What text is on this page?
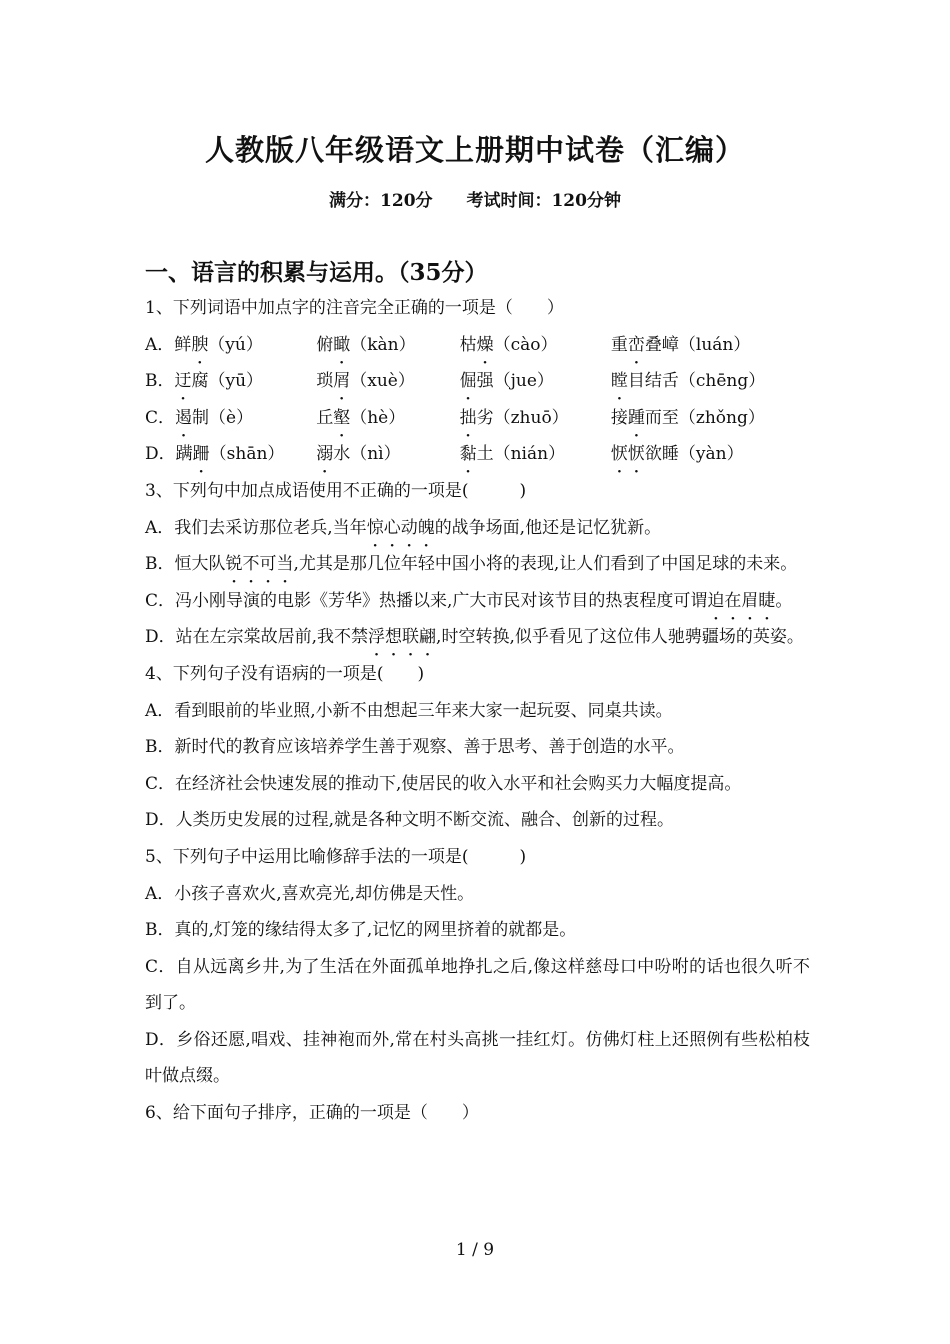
人教版八年级语文上册期中试卷（汇编）
满分：120分 考试时间：120分钟
一、语言的积累与运用。（35分）
1、下列词语中加点字的注音完全正确的一项是（　　）
A．鲜腴（yú）	俯瞰（kàn）	枯燥（cào）	重峦叠嶂（luán）
B．迂腐（yū）	琐屑（xuè）	倔强（jue）	瞠目结舌（chēng）
C．遏制（è）	丘壑（hè）	拙劣（zhuō）	接踵而至（zhǒng）
D．蹒跚（shān）	溺水（nì）	黏土（nián）	恹恹欲睡（yàn）
3、下列句中加点成语使用不正确的一项是(　　　)
A．我们去采访那位老兵,当年惊心动魄的战争场面,他还是记忆犹新。
B．恒大队锐不可当,尤其是那几位年轻中国小将的表现,让人们看到了中国足球的未来。
C．冯小刚导演的电影《芳华》热播以来,广大市民对该节目的热衷程度可谓迫在眉睫。
D．站在左宗棠故居前,我不禁浮想联翩,时空转换,似乎看见了这位伟人驰骋疆场的英姿。
4、下列句子没有语病的一项是(　　)
A．看到眼前的毕业照,小新不由想起三年来大家一起玩耍、同桌共读。
B．新时代的教育应该培养学生善于观察、善于思考、善于创造的水平。
C．在经济社会快速发展的推动下,使居民的收入水平和社会购买力大幅度提高。
D．人类历史发展的过程,就是各种文明不断交流、融合、创新的过程。
5、下列句子中运用比喻修辞手法的一项是(　　　)
A．小孩子喜欢火,喜欢亮光,却仿佛是天性。
B．真的,灯笼的缘结得太多了,记忆的网里挤着的就都是。
C．自从远离乡井,为了生活在外面孤单地挣扎之后,像这样慈母口中吩咐的话也很久听不到了。
D．乡俗还愿,唱戏、挂神袍而外,常在村头高挑一挂红灯。仿佛灯柱上还照例有些松柏枝叶做点缀。
6、给下面句子排序，正确的一项是（　　）
1 / 9
